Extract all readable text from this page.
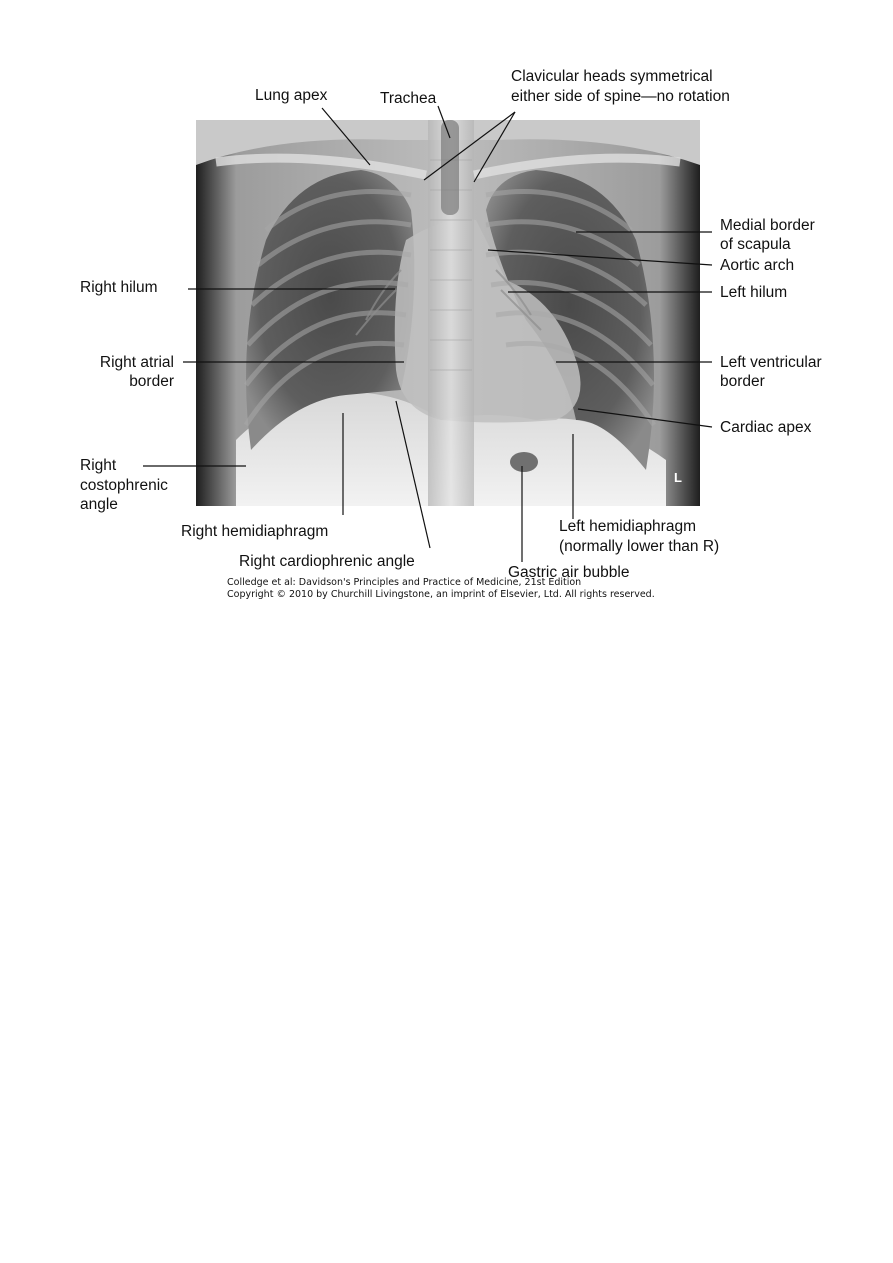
L
Lung apex	Trachea
Clavicular heads symmetrical
either side of spine—no rotation
Medial border
of scapula
Aortic arch
Right hilum	Left hilum
Right atrial
border
Left ventricular
border
Cardiac apex
Right
costophrenic
angle
Right hemidiaphragm
Right cardiophrenic angle
Left hemidiaphragm
(normally lower than R)
Gastric air bubble
Colledge et al: Davidson's Principles and Practice of Medicine, 21st Edition
Copyright © 2010 by Churchill Livingstone, an imprint of Elsevier, Ltd. All rights reserved.
